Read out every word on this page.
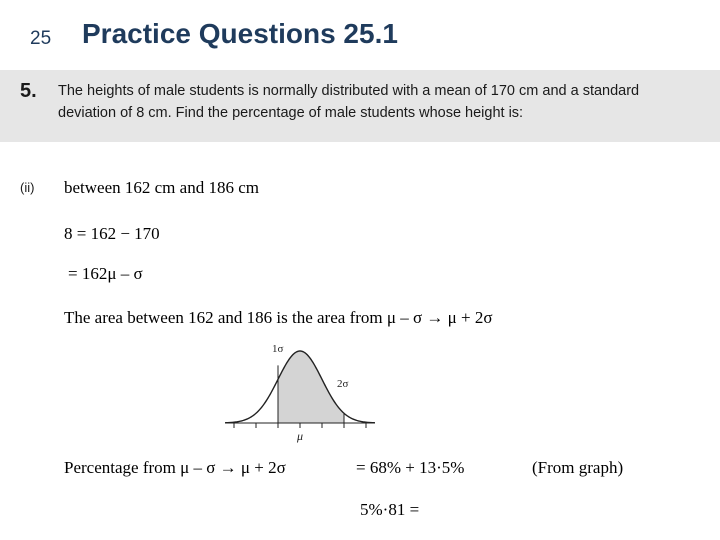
25 Practice Questions 25.1
5. The heights of male students is normally distributed with a mean of 170 cm and a standard deviation of 8 cm. Find the percentage of male students whose height is:
(ii) between 162 cm and 186 cm
8 = 162 − 170
= 162μ – σ
The area between 162 and 186 is the area from μ – σ → μ + 2σ
1σ
2σ
μ
Percentage from μ – σ → μ + 2σ	= 68% + 13·5%	(From graph)
5%·81 =
